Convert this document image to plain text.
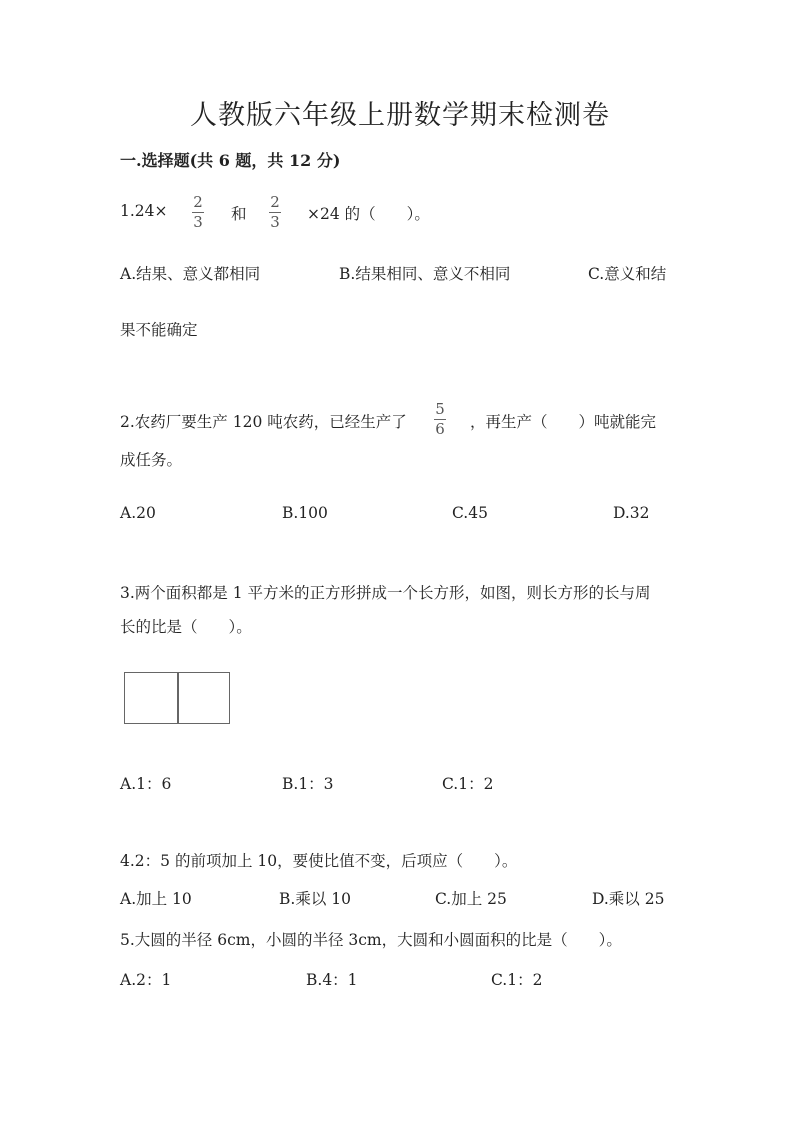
人教版六年级上册数学期末检测卷
一.选择题(共 6 题，共 12 分)
1.24× 2
3 和
2
3 ×24 的（　　）。
A.结果、意义都相同	B.结果相同、意义不相同	C.意义和结
果不能确定
2.农药厂要生产 120 吨农药，已经生产了
5
6 ，再生产（　　）吨就能完
成任务。
A.20	B.100	C.45	D.32
3.两个面积都是 1 平方米的正方形拼成一个长方形，如图，则长方形的长与周
长的比是（　　）。
A.1：6	B.1：3	C.1：2
4.2：5 的前项加上 10，要使比值不变，后项应（　　）。
A.加上 10	B.乘以 10	C.加上 25	D.乘以 25
5.大圆的半径 6cm，小圆的半径 3cm，大圆和小圆面积的比是（　　）。
A.2：1	B.4：1	C.1：2
